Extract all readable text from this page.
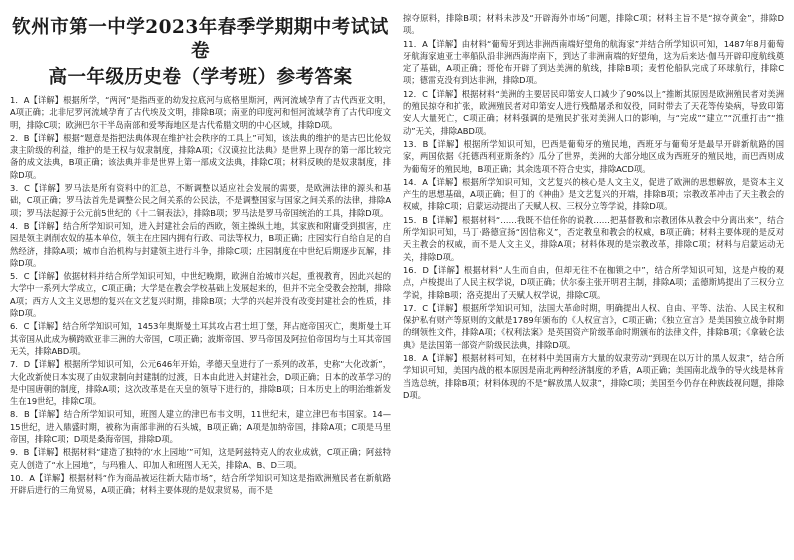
钦州市第一中学2023年春季学期期中考试试卷
高一年级历史卷（学考班）参考答案

1．A【详解】根据所学，“两河”是指西亚的幼发拉底河与底格里斯河，两河流域孕育了古代西亚文明，A项正确；北非尼罗河流域孕育了古代埃及文明，排除B项；南亚的印度河和恒河流域孕育了古代印度文明，排除C项；欧洲巴尔干半岛南部和爱琴海地区是古代希腊文明的中心区域，排除D项。

2．B【详解】根据“题意是指把法典体现在维护社会秩序的工具上”可知，该法典的维护的是古巴比伦奴隶主阶级的利益，维护的是王权与奴隶制度，排除A项；《汉谟拉比法典》是世界上现存的第一部比较完备的成文法典，B项正确；该法典并非是世界上第一部成文法典，排除C项；材料反映的是奴隶制度，排除D项。

3．C【详解】罗马法是所有资料中的汇总，不断调整以适应社会发展的需要，是欧洲法律的源头和基础，C项正确；罗马法首先是调整公民之间关系的公民法，不是调整国家与国家之间关系的法律，排除A项；罗马法起源于公元前5世纪的《十二铜表法》，排除B项；罗马法是罗马帝国统治的工具，排除D项。

4．B【详解】结合所学知识可知，进入封建社会后的西欧，领主操纵土地，其家族和附庸受到损害，庄园是领主剥削农奴的基本单位，领主在庄园内拥有行政、司法等权力，B项正确；庄园实行自给自足的自然经济，排除A项；城市自治机构与封建领主进行斗争，排除C项；庄园制度在中世纪后期逐步瓦解，排除D项。

5．C【详解】依据材料并结合所学知识可知，中世纪晚期，欧洲自治城市兴起，重视教育，因此兴起的大学中一系列大学成立，C项正确；大学是在教会学校基础上发展起来的，但并不完全受教会控制，排除A项；西方人文主义思想的复兴在文艺复兴时期，排除B项；大学的兴起并没有改变封建社会的性质，排除D项。

6．C【详解】结合所学知识可知，1453年奥斯曼土耳其攻占君士坦丁堡，拜占庭帝国灭亡，奥斯曼土耳其帝国从此成为横跨欧亚非三洲的大帝国，C项正确；波斯帝国、罗马帝国及阿拉伯帝国均与土耳其帝国无关，排除ABD项。

7．D【详解】根据所学知识可知，公元646年开始，孝德天皇进行了一系列的改革，史称“大化改新”，大化改新使日本实现了由奴隶制向封建制的过渡，日本由此进入封建社会，D项正确；日本的改革学习的是中国唐朝的制度，排除A项；这次改革是在天皇的领导下进行的，排除B项；日本历史上的明治维新发生在19世纪，排除C项。

8．B【详解】结合所学知识可知，班图人建立的津巴布韦文明，11世纪末，建立津巴布韦国家。14—15世纪，进入鼎盛时期，被称为南部非洲的石头城，B项正确；A项是加纳帝国，排除A项；C项是马里帝国，排除C项；D项是桑海帝国，排除D项。

9．B【详解】根据材料“建造了独特的‘水上园地’”可知，这是阿兹特克人的农业成就，C项正确；阿兹特克人创造了“水上园地”，与玛雅人、印加人和班图人无关，排除A、B、D三项。

10．A【详解】根据材料“作为商品被运往新大陆市场”，结合所学知识可知这是指欧洲殖民者在新航路开辟后进行的三角贸易，A项正确；材料主要体现的是奴隶贸易，而不是

掠夺原料，排除B项；材料未涉及“开辟海外市场”问题，排除C项；材料主旨不是“掠夺黄金”，排除D项。

11．A【详解】由材料“葡萄牙到达非洲西南端好望角的航海家”并结合所学知识可知，1487年8月葡萄牙航海家迪亚士率船队沿非洲西海岸南下，到达了非洲南端的好望角，这为后来达·伽马开辟印度航线奠定了基础，A项正确；哥伦布开辟了到达美洲的航线，排除B项；麦哲伦船队完成了环球航行，排除C项；德雷克没有到达非洲，排除D项。

12．C【详解】根据材料“美洲的主要居民印第安人口减少了90%以上”推断其原因是欧洲殖民者对美洲的殖民掠夺和扩张，欧洲殖民者对印第安人进行残酷屠杀和奴役，同时带去了天花等传染病，导致印第安人大量死亡，C项正确；材料强调的是殖民扩张对美洲人口的影响，与“完成”“建立”“沉重打击”“推动”无关，排除ABD项。

13．B【详解】根据所学知识可知，巴西是葡萄牙的殖民地，西班牙与葡萄牙是最早开辟新航路的国家，两国依据《托德西利亚斯条约》瓜分了世界，美洲的大部分地区成为西班牙的殖民地，而巴西则成为葡萄牙的殖民地，B项正确；其余选项不符合史实，排除ACD项。

14．A【详解】根据所学知识可知，文艺复兴的核心是人文主义，促进了欧洲的思想解放，是资本主义产生的思想基础，A项正确；但丁的《神曲》是文艺复兴的开端，排除B项；宗教改革冲击了天主教会的权威，排除C项；启蒙运动提出了天赋人权、三权分立等学说，排除D项。

15．B【详解】根据材料“……我既不信任你的说教……把基督教和宗教团体从教会中分离出来”，结合所学知识可知，马丁·路德宣扬“因信称义”，否定教皇和教会的权威，B项正确；材料主要体现的是反对天主教会的权威，而不是人文主义，排除A项；材料体现的是宗教改革，排除C项；材料与启蒙运动无关，排除D项。

16．D【详解】根据材料“人生而自由，但却无往不在枷锁之中”，结合所学知识可知，这是卢梭的观点，卢梭提出了人民主权学说，D项正确；伏尔泰主张开明君主制，排除A项；孟德斯鸠提出了三权分立学说，排除B项；洛克提出了天赋人权学说，排除C项。

17．C【详解】根据所学知识可知，法国大革命时期，明确提出人权、自由、平等、法治、人民主权和保护私有财产等原则的文献是1789年颁布的《人权宣言》，C项正确；《独立宣言》是美国独立战争时期的纲领性文件，排除A项；《权利法案》是英国资产阶级革命时期颁布的法律文件，排除B项；《拿破仑法典》是法国第一部资产阶级民法典，排除D项。

18．A【详解】根据材料可知，在材料中美国南方大量的奴隶劳动“到现在以万计的黑人奴隶”，结合所学知识可知，美国内战的根本原因是南北两种经济制度的矛盾，A项正确；美国南北战争的导火线是林肯当选总统，排除B项；材料体现的不是“解放黑人奴隶”，排除C项；美国至今仍存在种族歧视问题，排除D项。
